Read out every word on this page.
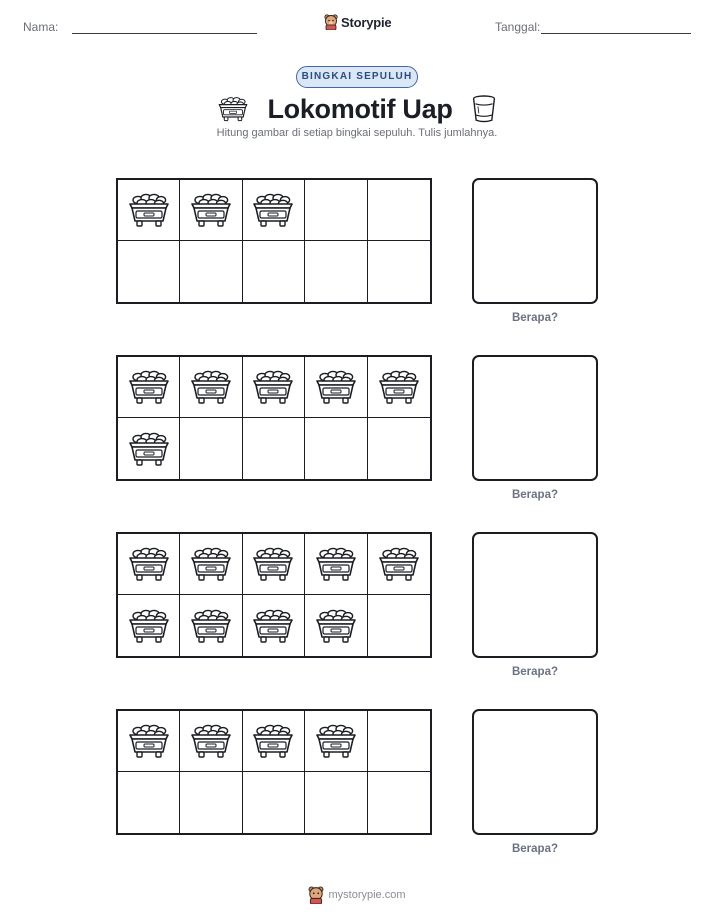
Nama:	Storypie	Tanggal:
BINGKAI SEPULUH
Lokomotif Uap
Hitung gambar di setiap bingkai sepuluh. Tulis jumlahnya.
Berapa?
Berapa?
Berapa?
Berapa?
mystorypie.com
